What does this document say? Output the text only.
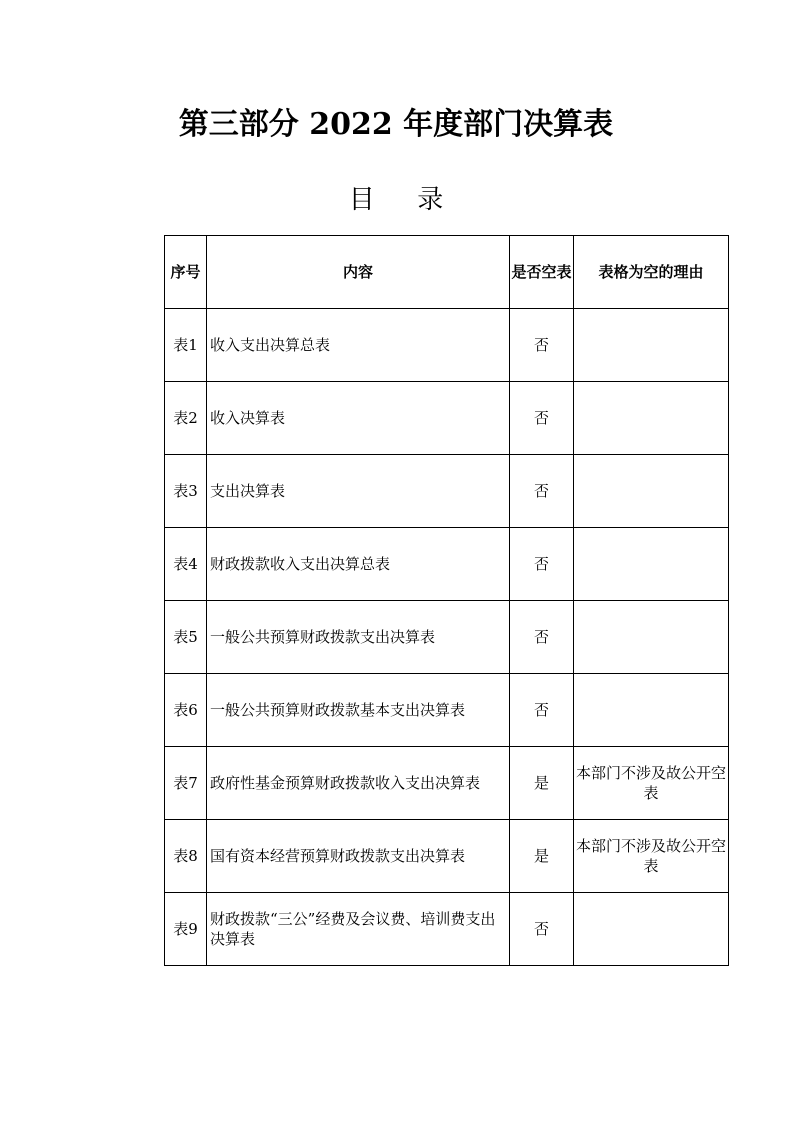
第三部分 2022 年度部门决算表
目 录
序号	内容	是否空表	表格为空的理由
表1	收入支出决算总表	否	

表2	收入决算表	否	

表3	支出决算表	否	

表4	财政拨款收入支出决算总表	否	

表5	一般公共预算财政拨款支出决算表	否	

表6	一般公共预算财政拨款基本支出决算表	否	

表7	政府性基金预算财政拨款收入支出决算表	是	本部门不涉及故公开空表

表8	国有资本经营预算财政拨款支出决算表	是	本部门不涉及故公开空表

表9	财政拨款“三公”经费及会议费、培训费支出决算表	否	
